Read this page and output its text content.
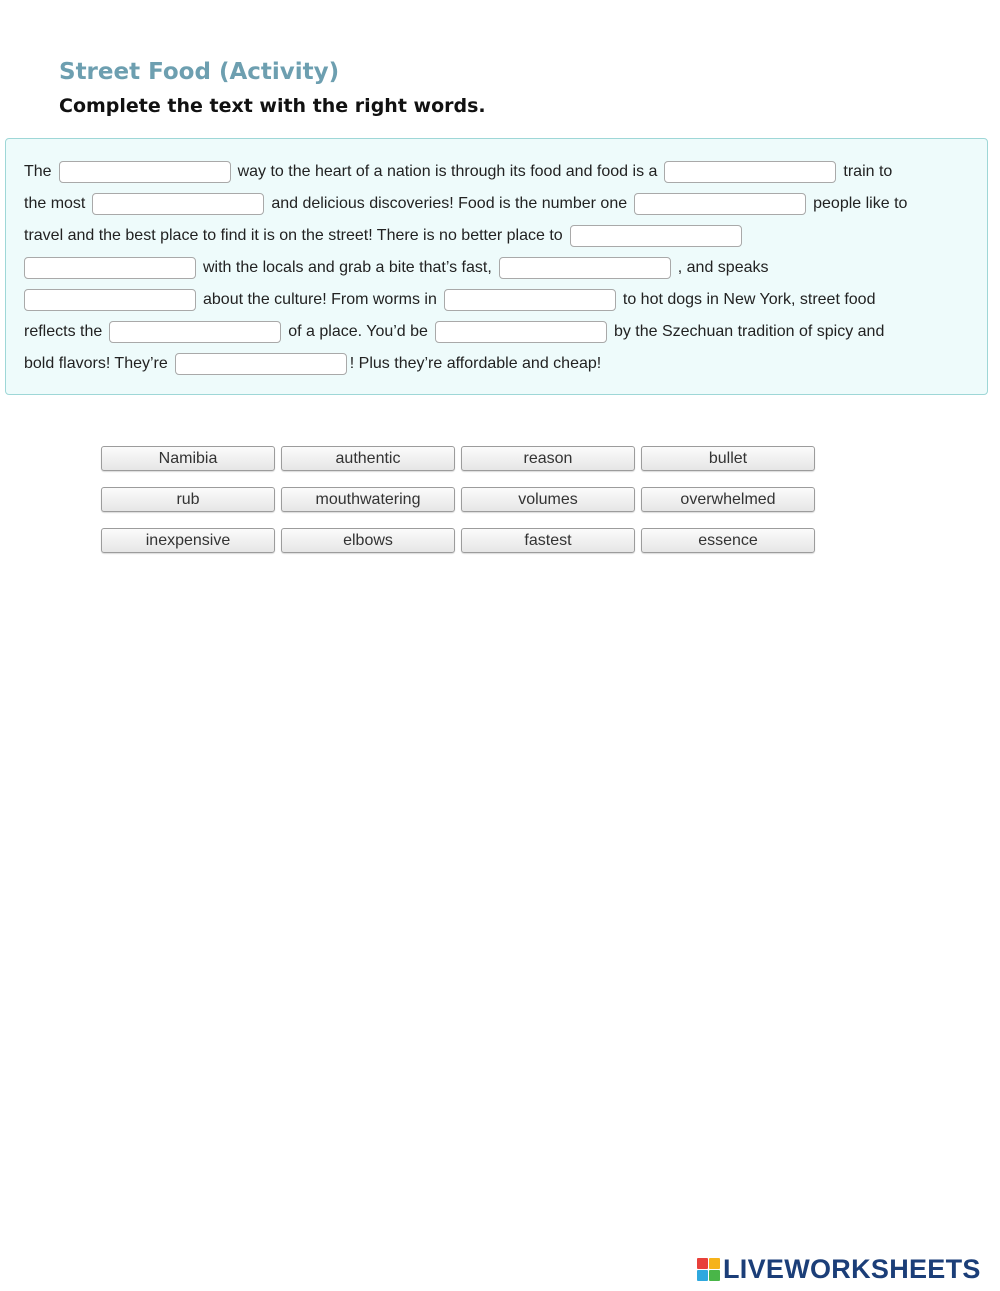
Street Food (Activity)
Complete the text with the right words.
The	way to the heart of a nation is through its food and food is a	train to
the most	and delicious discoveries! Food is the number one	people like to
travel and the best place to find it is on the street! There is no better place to
with the locals and grab a bite that’s fast,	, and speaks
about the culture! From worms in	to hot dogs in New York, street food
reflects the	of a place. You’d be	by the Szechuan tradition of spicy and
bold flavors! They’re	! Plus they’re affordable and cheap!
Namibia	authentic	reason	bullet
rub	mouthwatering	volumes	overwhelmed
inexpensive	elbows	fastest	essence
LIVEWORKSHEETS
